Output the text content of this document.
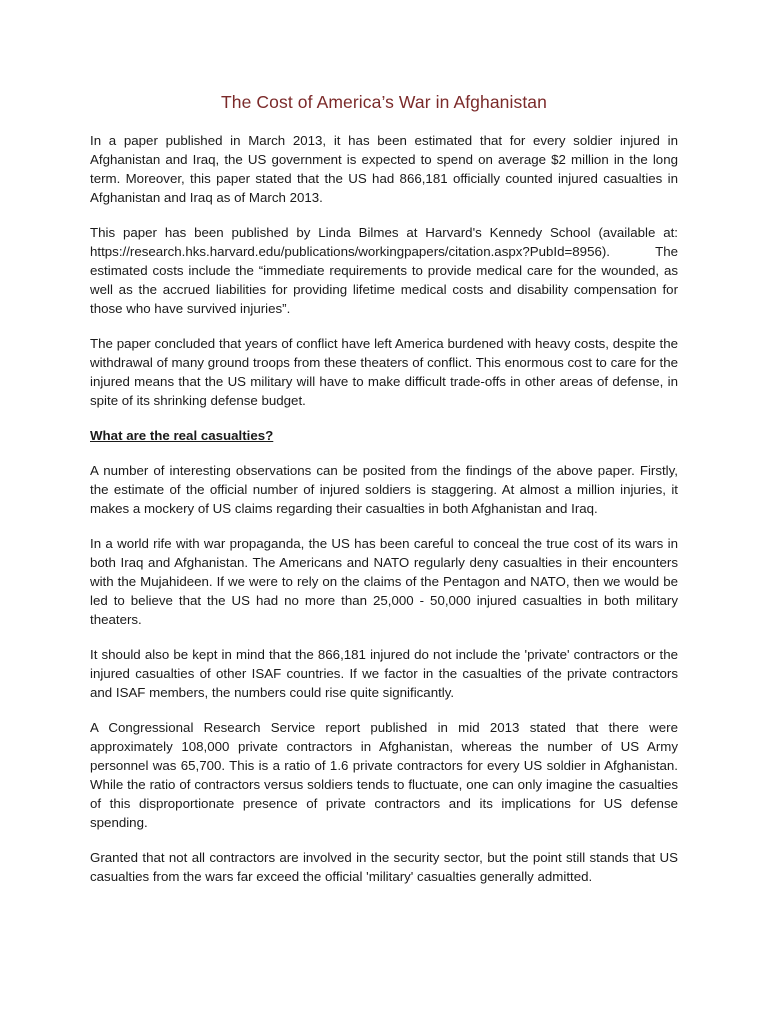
The Cost of America’s War in Afghanistan

In a paper published in March 2013, it has been estimated that for every soldier injured in Afghanistan and Iraq, the US government is expected to spend on average $2 million in the long term. Moreover, this paper stated that the US had 866,181 officially counted injured casualties in Afghanistan and Iraq as of March 2013.

This paper has been published by Linda Bilmes at Harvard's Kennedy School (available at: https://research.hks.harvard.edu/publications/workingpapers/citation.aspx?PubId=8956). The estimated costs include the “immediate requirements to provide medical care for the wounded, as well as the accrued liabilities for providing lifetime medical costs and disability compensation for those who have survived injuries”.

The paper concluded that years of conflict have left America burdened with heavy costs, despite the withdrawal of many ground troops from these theaters of conflict. This enormous cost to care for the injured means that the US military will have to make difficult trade-offs in other areas of defense, in spite of its shrinking defense budget.

What are the real casualties?

A number of interesting observations can be posited from the findings of the above paper. Firstly, the estimate of the official number of injured soldiers is staggering. At almost a million injuries, it makes a mockery of US claims regarding their casualties in both Afghanistan and Iraq.

In a world rife with war propaganda, the US has been careful to conceal the true cost of its wars in both Iraq and Afghanistan. The Americans and NATO regularly deny casualties in their encounters with the Mujahideen. If we were to rely on the claims of the Pentagon and NATO, then we would be led to believe that the US had no more than 25,000 - 50,000 injured casualties in both military theaters.

It should also be kept in mind that the 866,181 injured do not include the 'private' contractors or the injured casualties of other ISAF countries. If we factor in the casualties of the private contractors and ISAF members, the numbers could rise quite significantly.

A Congressional Research Service report published in mid 2013 stated that there were approximately 108,000 private contractors in Afghanistan, whereas the number of US Army personnel was 65,700. This is a ratio of 1.6 private contractors for every US soldier in Afghanistan. While the ratio of contractors versus soldiers tends to fluctuate, one can only imagine the casualties of this disproportionate presence of private contractors and its implications for US defense spending.

Granted that not all contractors are involved in the security sector, but the point still stands that US casualties from the wars far exceed the official 'military' casualties generally admitted.
